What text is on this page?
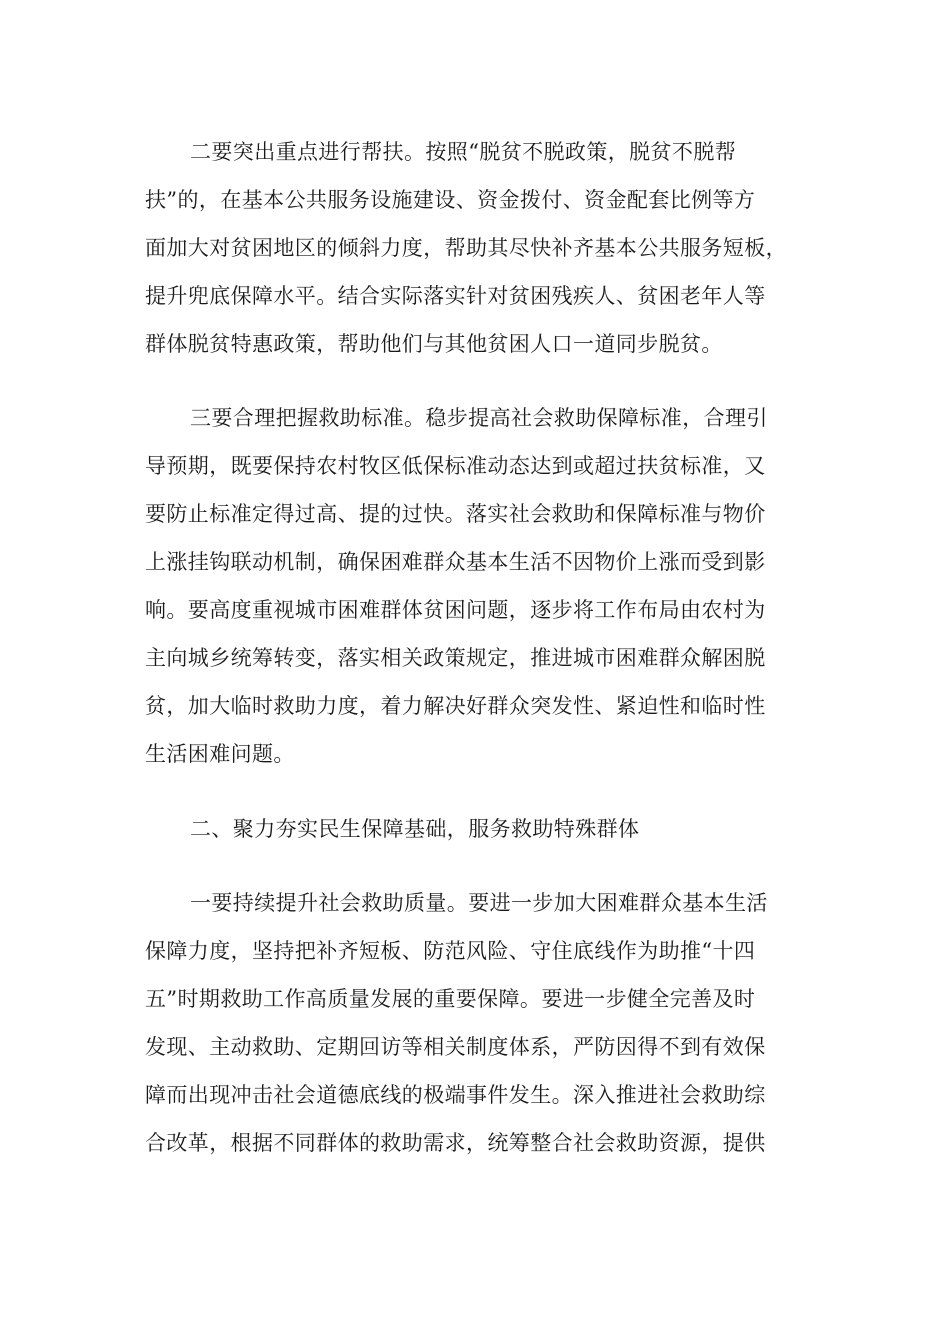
二要突出重点进行帮扶。按照“脱贫不脱政策，脱贫不脱帮
扶”的，在基本公共服务设施建设、资金拨付、资金配套比例等方
面加大对贫困地区的倾斜力度，帮助其尽快补齐基本公共服务短板，
提升兜底保障水平。结合实际落实针对贫困残疾人、贫困老年人等
群体脱贫特惠政策，帮助他们与其他贫困人口一道同步脱贫。
三要合理把握救助标准。稳步提高社会救助保障标准，合理引
导预期，既要保持农村牧区低保标准动态达到或超过扶贫标准，又
要防止标准定得过高、提的过快。落实社会救助和保障标准与物价
上涨挂钩联动机制，确保困难群众基本生活不因物价上涨而受到影
响。要高度重视城市困难群体贫困问题，逐步将工作布局由农村为
主向城乡统筹转变，落实相关政策规定，推进城市困难群众解困脱
贫，加大临时救助力度，着力解决好群众突发性、紧迫性和临时性
生活困难问题。
二、聚力夯实民生保障基础，服务救助特殊群体
一要持续提升社会救助质量。要进一步加大困难群众基本生活
保障力度，坚持把补齐短板、防范风险、守住底线作为助推“十四
五”时期救助工作高质量发展的重要保障。要进一步健全完善及时
发现、主动救助、定期回访等相关制度体系，严防因得不到有效保
障而出现冲击社会道德底线的极端事件发生。深入推进社会救助综
合改革，根据不同群体的救助需求，统筹整合社会救助资源，提供
